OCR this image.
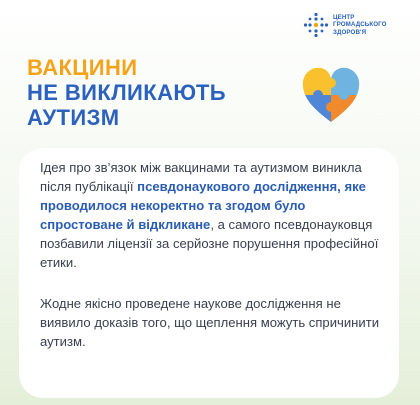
ЦЕНТР
ГРОМАДСЬКОГО
ЗДОРОВ'Я
ВАКЦИНИ
НЕ ВИКЛИКАЮТЬ
АУТИЗМ

Ідея про зв’язок між вакцинами та аутизмом виникла після публікації псевдонаукового дослідження, яке проводилося некоректно та згодом було спростоване й відкликане, а самого псевдонауковця позбавили ліцензії за серйозне порушення професійної етики.

Жодне якісно проведене наукове дослідження не виявило доказів того, що щеплення можуть спричинити аутизм.
